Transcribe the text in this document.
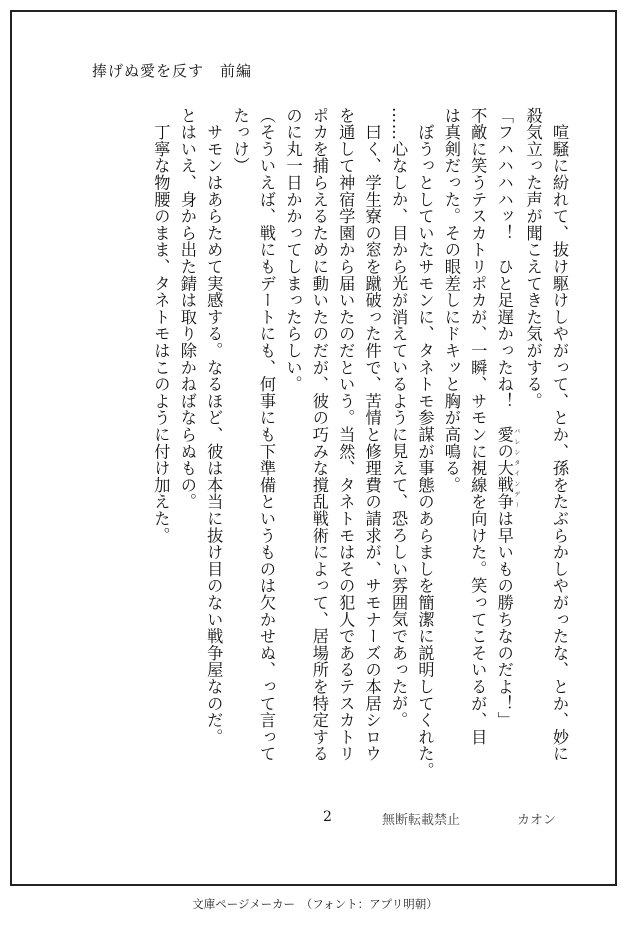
捧げぬ愛を反す　前編
　喧騒に紛れて、抜け駆けしやがって、とか、孫をたぶらかしやがったな、とか、妙に
殺気立った声が聞こえてきた気がする。
「フハハハハッ！　ひと足遅かったね！　愛の大戦争 バレンタインデーは早いもの勝ちなのだよ！」
不敵に笑うテスカトリポカが、一瞬、サモンに視線を向けた。笑ってこそいるが、目
は真剣だった。その眼差しにドキッと胸が高鳴る。
　ぼうっとしていたサモンに、タネトモ参謀が事態のあらましを簡潔に説明してくれた。
……心なしか、目から光が消えているように見えて、恐ろしい雰囲気であったが。
　曰く、学生寮の窓を蹴破った件で、苦情と修理費の請求が、サモナーズの本居シロウ
を通して神宿学園から届いたのだという。当然、タネトモはその犯人であるテスカトリ
ポカを捕らえるために動いたのだが、彼の巧みな撹乱戦術によって、居場所を特定する
のに丸一日かかってしまったらしい。
（そういえば、戦にもデートにも、何事にも下準備というものは欠かせぬ、って言って
たっけ）
　サモンはあらためて実感する。なるほど、彼は本当に抜け目のない戦争屋なのだ。
とはいえ、身から出た錆は取り除かねばならぬもの。
　丁寧な物腰のまま、タネトモはこのように付け加えた。
2	無断転載禁止	カオン
文庫ページメーカー　（フォント：アプリ明朝）
